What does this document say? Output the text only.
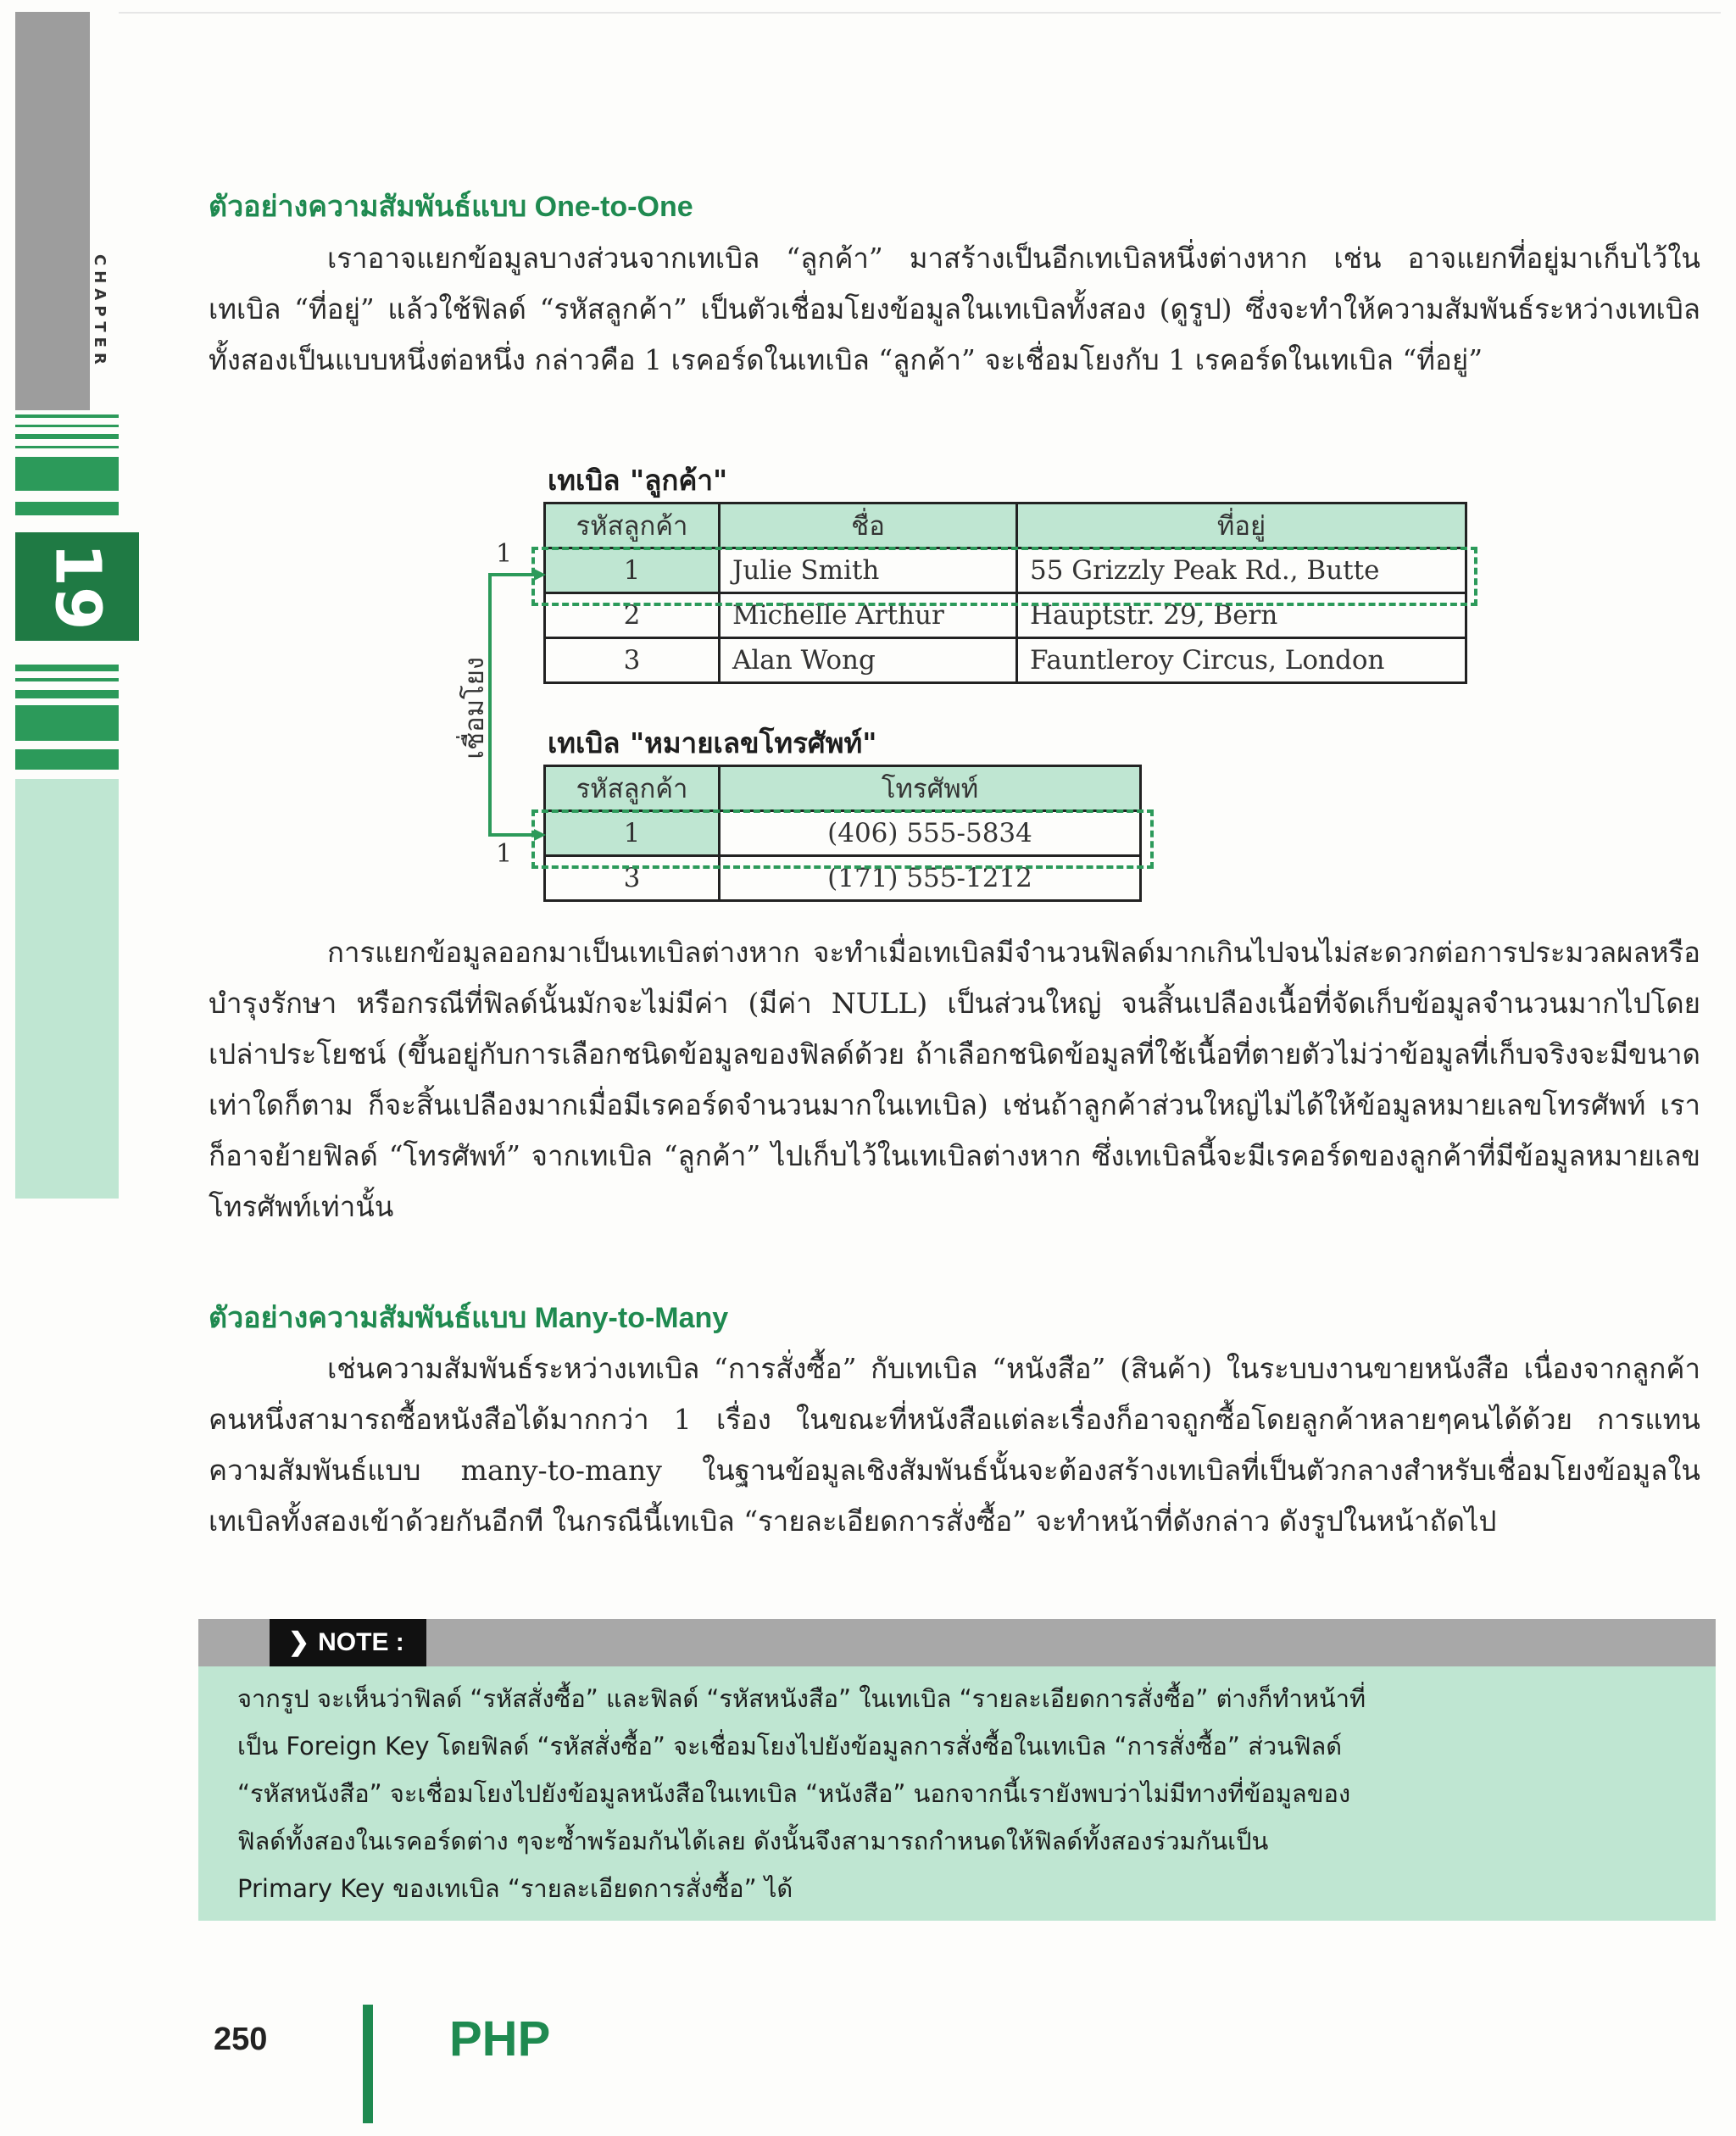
CHAPTER
19
ตัวอย่างความสัมพันธ์แบบ One-to-One

เราอาจแยกข้อมูลบางส่วนจากเทเบิล “ลูกค้า” มาสร้างเป็นอีกเทเบิลหนึ่งต่างหาก เช่น อาจแยกที่อยู่มาเก็บไว้ในเทเบิล “ที่อยู่” แล้วใช้ฟิลด์ “รหัสลูกค้า” เป็นตัวเชื่อมโยงข้อมูลในเทเบิลทั้งสอง (ดูรูป) ซึ่งจะทำให้ความสัมพันธ์ระหว่างเทเบิลทั้งสองเป็นแบบหนึ่งต่อหนึ่ง กล่าวคือ 1 เรคอร์ดในเทเบิล “ลูกค้า” จะเชื่อมโยงกับ 1 เรคอร์ดในเทเบิล “ที่อยู่”

เทเบิล "ลูกค้า"
รหัสลูกค้า	ชื่อ	ที่อยู่
1	Julie Smith	55 Grizzly Peak Rd., Butte
2	Michelle Arthur	Hauptstr. 29, Bern
3	Alan Wong	Fauntleroy Circus, London
เทเบิล "หมายเลขโทรศัพท์"
รหัสลูกค้า	โทรศัพท์
1	(406) 555-5834
3	(171) 555-1212
1
1
เชื่อมโยง

การแยกข้อมูลออกมาเป็นเทเบิลต่างหาก จะทำเมื่อเทเบิลมีจำนวนฟิลด์มากเกินไปจนไม่สะดวกต่อการประมวลผลหรือบำรุงรักษา หรือกรณีที่ฟิลด์นั้นมักจะไม่มีค่า (มีค่า NULL) เป็นส่วนใหญ่ จนสิ้นเปลืองเนื้อที่จัดเก็บข้อมูลจำนวนมากไปโดยเปล่าประโยชน์ (ขึ้นอยู่กับการเลือกชนิดข้อมูลของฟิลด์ด้วย ถ้าเลือกชนิดข้อมูลที่ใช้เนื้อที่ตายตัวไม่ว่าข้อมูลที่เก็บจริงจะมีขนาดเท่าใดก็ตาม ก็จะสิ้นเปลืองมากเมื่อมีเรคอร์ดจำนวนมากในเทเบิล) เช่นถ้าลูกค้าส่วนใหญ่ไม่ได้ให้ข้อมูลหมายเลขโทรศัพท์ เราก็อาจย้ายฟิลด์ “โทรศัพท์” จากเทเบิล “ลูกค้า” ไปเก็บไว้ในเทเบิลต่างหาก ซึ่งเทเบิลนี้จะมีเรคอร์ดของลูกค้าที่มีข้อมูลหมายเลขโทรศัพท์เท่านั้น

ตัวอย่างความสัมพันธ์แบบ Many-to-Many

เช่นความสัมพันธ์ระหว่างเทเบิล “การสั่งซื้อ” กับเทเบิล “หนังสือ” (สินค้า) ในระบบงานขายหนังสือ เนื่องจากลูกค้าคนหนึ่งสามารถซื้อหนังสือได้มากกว่า 1 เรื่อง ในขณะที่หนังสือแต่ละเรื่องก็อาจถูกซื้อโดยลูกค้าหลายๆคนได้ด้วย การแทนความสัมพันธ์แบบ many-to-many ในฐานข้อมูลเชิงสัมพันธ์นั้นจะต้องสร้างเทเบิลที่เป็นตัวกลางสำหรับเชื่อมโยงข้อมูลในเทเบิลทั้งสองเข้าด้วยกันอีกที ในกรณีนี้เทเบิล “รายละเอียดการสั่งซื้อ” จะทำหน้าที่ดังกล่าว ดังรูปในหน้าถัดไป

❯ NOTE :
จากรูป จะเห็นว่าฟิลด์ “รหัสสั่งซื้อ” และฟิลด์ “รหัสหนังสือ” ในเทเบิล “รายละเอียดการสั่งซื้อ” ต่างก็ทำหน้าที่
เป็น Foreign Key โดยฟิลด์ “รหัสสั่งซื้อ” จะเชื่อมโยงไปยังข้อมูลการสั่งซื้อในเทเบิล “การสั่งซื้อ” ส่วนฟิลด์
“รหัสหนังสือ” จะเชื่อมโยงไปยังข้อมูลหนังสือในเทเบิล “หนังสือ” นอกจากนี้เรายังพบว่าไม่มีทางที่ข้อมูลของ
ฟิลด์ทั้งสองในเรคอร์ดต่าง ๆจะซ้ำพร้อมกันได้เลย ดังนั้นจึงสามารถกำหนดให้ฟิลด์ทั้งสองร่วมกันเป็น
Primary Key ของเทเบิล “รายละเอียดการสั่งซื้อ” ได้
250	PHP
